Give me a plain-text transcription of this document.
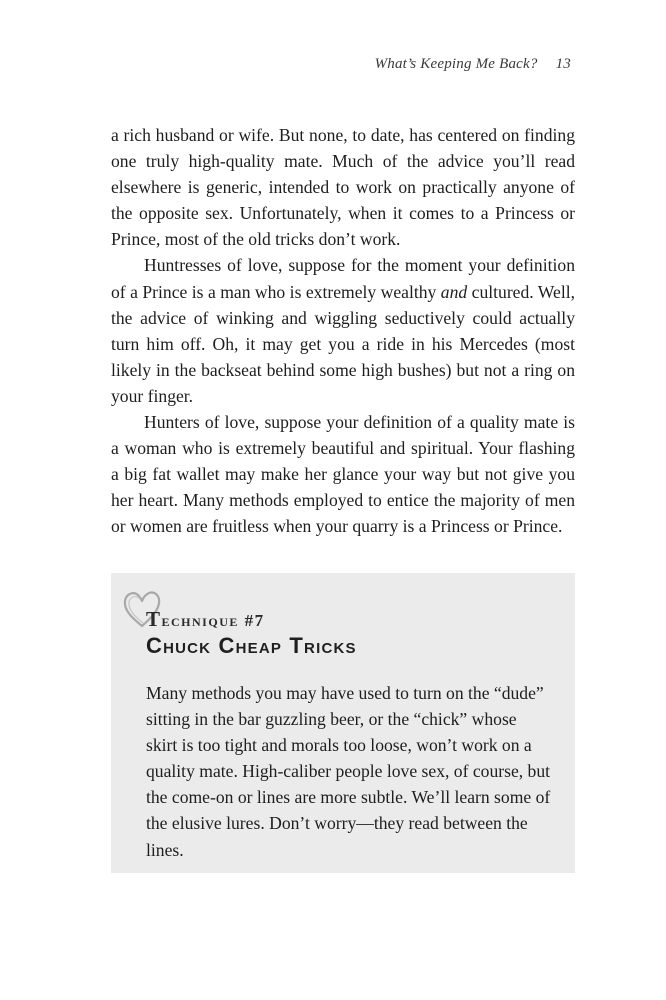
What’s Keeping Me Back? 13

a rich husband or wife. But none, to date, has centered on finding one truly high-quality mate. Much of the advice you’ll read elsewhere is generic, intended to work on practically anyone of the opposite sex. Unfortunately, when it comes to a Princess or Prince, most of the old tricks don’t work.

Huntresses of love, suppose for the moment your definition of a Prince is a man who is extremely wealthy and cultured. Well, the advice of winking and wiggling seductively could actually turn him off. Oh, it may get you a ride in his Mercedes (most likely in the backseat behind some high bushes) but not a ring on your finger.

Hunters of love, suppose your definition of a quality mate is a woman who is extremely beautiful and spiritual. Your flashing a big fat wallet may make her glance your way but not give you her heart. Many methods employed to entice the majority of men or women are fruitless when your quarry is a Princess or Prince.

Technique #7
Chuck Cheap Tricks

Many methods you may have used to turn on the “dude” sitting in the bar guzzling beer, or the “chick” whose skirt is too tight and morals too loose, won’t work on a quality mate. High-caliber people love sex, of course, but the come-on or lines are more subtle. We’ll learn some of the elusive lures. Don’t worry—they read between the lines.
